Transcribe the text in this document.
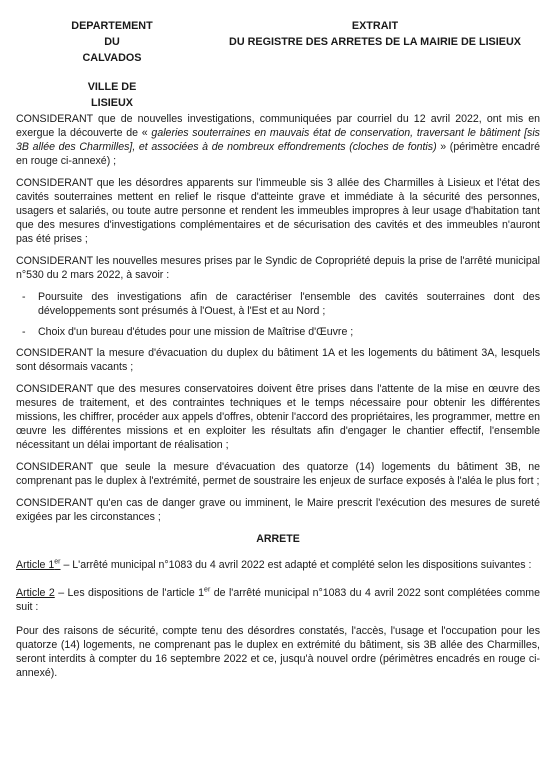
DEPARTEMENT
DU
CALVADOS
VILLE DE
LISIEUX
EXTRAIT
DU REGISTRE DES ARRETES DE LA MAIRIE DE LISIEUX

CONSIDERANT que de nouvelles investigations, communiquées par courriel du 12 avril 2022, ont mis en exergue la découverte de « galeries souterraines en mauvais état de conservation, traversant le bâtiment [sis 3B allée des Charmilles], et associées à de nombreux effondrements (cloches de fontis) » (périmètre encadré en rouge ci-annexé) ;

CONSIDERANT que les désordres apparents sur l'immeuble sis 3 allée des Charmilles à Lisieux et l'état des cavités souterraines mettent en relief le risque d'atteinte grave et immédiate à la sécurité des personnes, usagers et salariés, ou toute autre personne et rendent les immeubles impropres à leur usage d'habitation tant que des mesures d'investigations complémentaires et de sécurisation des cavités et des immeubles n'auront pas été prises ;

CONSIDERANT les nouvelles mesures prises par le Syndic de Copropriété depuis la prise de l'arrêté municipal n°530 du 2 mars 2022, à savoir :

- Poursuite des investigations afin de caractériser l'ensemble des cavités souterraines dont des développements sont présumés à l'Ouest, à l'Est et au Nord ;
- Choix d'un bureau d'études pour une mission de Maîtrise d'Œuvre ;

CONSIDERANT la mesure d'évacuation du duplex du bâtiment 1A et les logements du bâtiment 3A, lesquels sont désormais vacants ;

CONSIDERANT que des mesures conservatoires doivent être prises dans l'attente de la mise en œuvre des mesures de traitement, et des contraintes techniques et le temps nécessaire pour obtenir les différentes missions, les chiffrer, procéder aux appels d'offres, obtenir l'accord des propriétaires, les programmer, mettre en œuvre les différentes missions et en exploiter les résultats afin d'engager le chantier effectif, l'ensemble nécessitant un délai important de réalisation ;

CONSIDERANT que seule la mesure d'évacuation des quatorze (14) logements du bâtiment 3B, ne comprenant pas le duplex à l'extrémité, permet de soustraire les enjeux de surface exposés à l'aléa le plus fort ;

CONSIDERANT qu'en cas de danger grave ou imminent, le Maire prescrit l'exécution des mesures de sureté exigées par les circonstances ;

ARRETE

Article 1er – L'arrêté municipal n°1083 du 4 avril 2022 est adapté et complété selon les dispositions suivantes :

Article 2 – Les dispositions de l'article 1er de l'arrêté municipal n°1083 du 4 avril 2022 sont complétées comme suit :

Pour des raisons de sécurité, compte tenu des désordres constatés, l'accès, l'usage et l'occupation pour les quatorze (14) logements, ne comprenant pas le duplex en extrémité du bâtiment, sis 3B allée des Charmilles, seront interdits à compter du 16 septembre 2022 et ce, jusqu'à nouvel ordre (périmètres encadrés en rouge ci-annexé).
